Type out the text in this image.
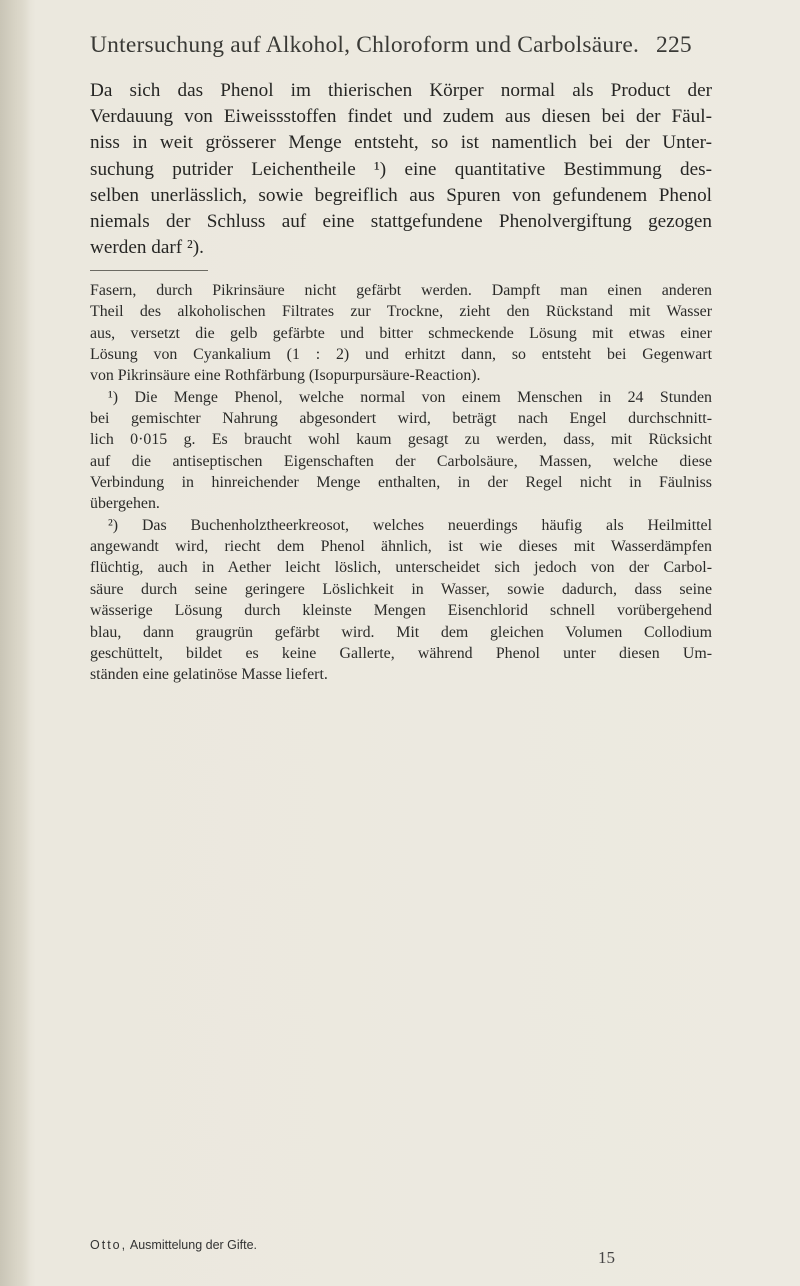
Untersuchung auf Alkohol, Chloroform und Carbolsäure. 225
Da sich das Phenol im thierischen Körper normal als Product der
Verdauung von Eiweissstoffen findet und zudem aus diesen bei der Fäul-
niss in weit grösserer Menge entsteht, so ist namentlich bei der Unter-
suchung putrider Leichentheile ¹) eine quantitative Bestimmung des-
selben unerlässlich, sowie begreiflich aus Spuren von gefundenem Phenol
niemals der Schluss auf eine stattgefundene Phenolvergiftung gezogen
werden darf ²).
Fasern, durch Pikrinsäure nicht gefärbt werden. Dampft man einen anderen
Theil des alkoholischen Filtrates zur Trockne, zieht den Rückstand mit Wasser
aus, versetzt die gelb gefärbte und bitter schmeckende Lösung mit etwas einer
Lösung von Cyankalium (1 : 2) und erhitzt dann, so entsteht bei Gegenwart
von Pikrinsäure eine Rothfärbung (Isopurpursäure-Reaction).
¹) Die Menge Phenol, welche normal von einem Menschen in 24 Stunden
bei gemischter Nahrung abgesondert wird, beträgt nach Engel durchschnitt-
lich 0·015 g. Es braucht wohl kaum gesagt zu werden, dass, mit Rücksicht
auf die antiseptischen Eigenschaften der Carbolsäure, Massen, welche diese
Verbindung in hinreichender Menge enthalten, in der Regel nicht in Fäulniss
übergehen.
²) Das Buchenholztheerkreosot, welches neuerdings häufig als Heilmittel
angewandt wird, riecht dem Phenol ähnlich, ist wie dieses mit Wasserdämpfen
flüchtig, auch in Aether leicht löslich, unterscheidet sich jedoch von der Carbol-
säure durch seine geringere Löslichkeit in Wasser, sowie dadurch, dass seine
wässerige Lösung durch kleinste Mengen Eisenchlorid schnell vorübergehend
blau, dann graugrün gefärbt wird. Mit dem gleichen Volumen Collodium
geschüttelt, bildet es keine Gallerte, während Phenol unter diesen Um-
ständen eine gelatinöse Masse liefert.
Otto, Ausmittelung der Gifte.
15
